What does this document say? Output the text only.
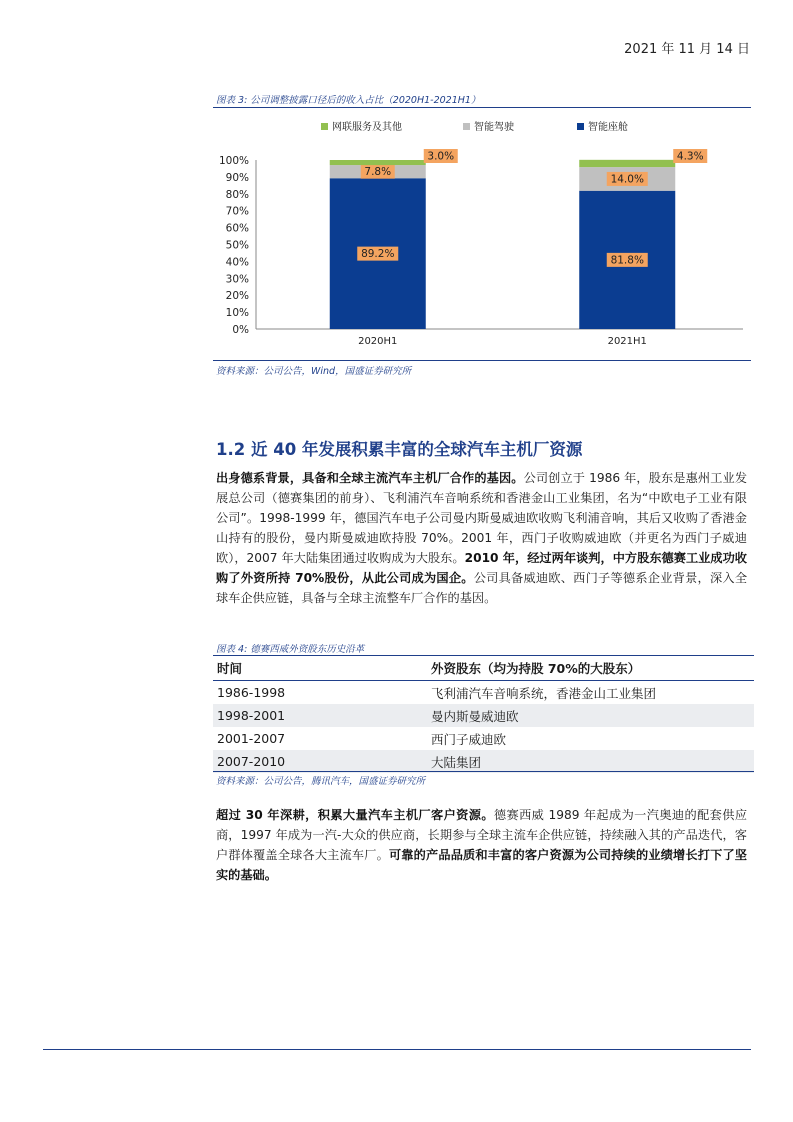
2021 年 11 月 14 日
图表 3: 公司调整披露口径后的收入占比（2020H1-2021H1）
网联服务及其他	智能驾驶	智能座舱
0%
10%
20%
30%
40%
50%
60%
70%
80%
90%
100%
89.2%
7.8%
3.0%
2020H1
81.8%
14.0%
4.3%
2021H1
资料来源：公司公告，Wind，国盛证券研究所
1.2 近 40 年发展积累丰富的全球汽车主机厂资源
出身德系背景，具备和全球主流汽车主机厂合作的基因。公司创立于 1986 年，股东是惠州工业发展总公司（德赛集团的前身）、飞利浦汽车音响系统和香港金山工业集团，名为“中欧电子工业有限公司”。1998-1999 年，德国汽车电子公司曼内斯曼威迪欧收购飞利浦音响，其后又收购了香港金山持有的股份，曼内斯曼威迪欧持股 70%。2001 年，西门子收购威迪欧（并更名为西门子威迪欧），2007 年大陆集团通过收购成为大股东。2010 年，经过两年谈判，中方股东德赛工业成功收购了外资所持 70%股份，从此公司成为国企。公司具备威迪欧、西门子等德系企业背景，深入全球车企供应链，具备与全球主流整车厂合作的基因。
图表 4: 德赛西威外资股东历史沿革
时间	外资股东（均为持股 70%的大股东）
1986-1998	飞利浦汽车音响系统，香港金山工业集团
1998-2001	曼内斯曼威迪欧
2001-2007	西门子威迪欧
2007-2010	大陆集团
资料来源：公司公告，腾讯汽车，国盛证券研究所
超过 30 年深耕，积累大量汽车主机厂客户资源。德赛西威 1989 年起成为一汽奥迪的配套供应商，1997 年成为一汽-大众的供应商，长期参与全球主流车企供应链，持续融入其的产品迭代，客户群体覆盖全球各大主流车厂。可靠的产品品质和丰富的客户资源为公司持续的业绩增长打下了坚实的基础。
